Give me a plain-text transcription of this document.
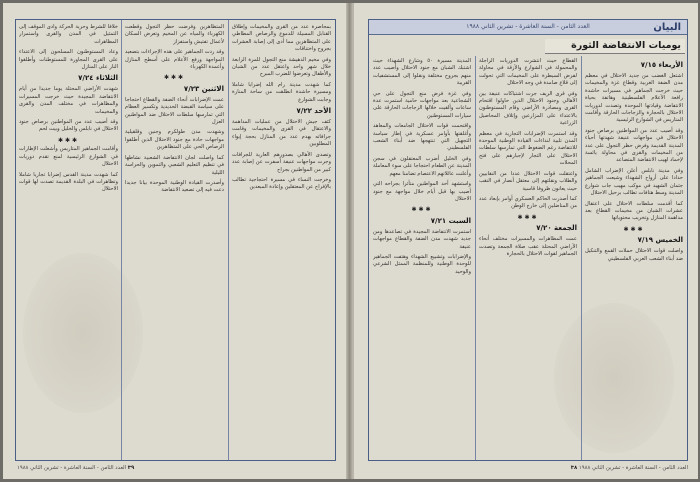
بمحاصرة عدد من القرى والمخيمات وإطلاق القنابل المسيلة للدموع والرصاص المطاطي على المتظاهرين مما أدى إلى إصابة العشرات بجروح واختناقات

وفي مخيم الدهيشة منع التجول للمرة الرابعة خلال شهر واحد واعتقل عدد من الشبان والأطفال وتعرضوا للضرب المبرح

كما شهدت مدينة رام الله إضرابا شاملا ومسيرة حاشدة انطلقت من ساحة المنارة وجابت الشوارع

الأحد ٧/٢٢

كثف جيش الاحتلال من عمليات المداهمة والاعتقال في القرى والمخيمات وقامت جرافاته بهدم عدد من المنازل بحجة إيواء المطلوبين

وتصدى الأهالي بصدورهم العارية للجرافات وجرت مواجهات عنيفة أسفرت عن إصابة عدد كبير من المواطنين بجراح

وخرجت النساء في مسيرة احتجاجية تطالب بالإفراج عن المعتقلين وإعادة المبعدين

المتظاهرين وفرضت حظر التجول وقطعت الكهرباء والمياه عن المخيم وتعرض السكان لأعمال تفتيش واستفزاز

وقد ردت الجماهير على هذه الإجراءات بتصعيد المواجهة ورفع الأعلام على أسطح المنازل وأعمدة الكهرباء

✱✱✱
الاثنين ٧/٢٣

عمت الإضرابات أنحاء الضفة والقطاع احتجاجا على سياسة القبضة الحديدية وتكسير العظام التي تمارسها سلطات الاحتلال ضد المواطنين العزل

وشهدت مدن طولكرم وجنين وقلقيلية مواجهات حادة مع جنود الاحتلال الذين أطلقوا الرصاص الحي على المتظاهرين

كما واصلت لجان الانتفاضة الشعبية نشاطها في تنظيم التعليم الشعبي والتموين والحراسة الليلية

وأصدرت القيادة الوطنية الموحدة بيانا جديدا دعت فيه إلى تصعيد الانتفاضة

خلافا للشرط وحرية الحركة وأدى الموقف إلى التمثيل في المدن والقرى واستمرار المظاهرات

وعاد المستوطنون المسلحون إلى الاعتداء على القرى المجاورة للمستوطنات وأطلقوا النار على المنازل

الثلاثاء ٧/٢٤

شهدت الأراضي المحتلة يوما جديدا من أيام الانتفاضة المجيدة حيث خرجت المسيرات والمظاهرات في مختلف المدن والقرى والمخيمات

وقد أصيب عدد من المواطنين برصاص جنود الاحتلال في نابلس والخليل وبيت لحم

✱✱✱

وأقامت الجماهير المتاريس وأشعلت الإطارات في الشوارع الرئيسية لمنع تقدم دوريات الاحتلال

كما شهدت مدينة القدس إضرابا تجاريا شاملا وتظاهرات في البلدة القديمة تصدت لها قوات الاحتلال

٣٩ العدد الثامن - السنة العاشرة - تشرين الثاني ١٩٨٨
البيان
العدد الثامن - السنة العاشرة - تشرين الثاني ١٩٨٨
يوميات الانتفاضة الثورة
الأربعاء ٧/١٥

اشتعل الغضب من جديد الاحتلال في معظم مدن الضفة الغربية وقطاع غزة والمخيمات حيث خرجت الجماهير في مسيرات حاشدة رافعة الأعلام الفلسطينية وهاتفة بحياة الانتفاضة وقيادتها الموحدة وتصدت لدوريات الاحتلال بالحجارة والزجاجات الحارقة وأقامت المتاريس في الشوارع الرئيسية

وقد أصيب عدد من المواطنين برصاص جنود الاحتلال في مواجهات عنيفة شهدتها أحياء المدينة القديمة وفرض حظر التجول على عدد من المخيمات والقرى في محاولة يائسة لإخماد لهيب الانتفاضة المتصاعد

وفي مدينة نابلس أعلن الإضراب الشامل حدادا على أرواح الشهداء وشيعت الجماهير جثمان الشهيد في موكب مهيب جاب شوارع المدينة وسط هتافات تطالب برحيل الاحتلال

كما أقدمت سلطات الاحتلال على اعتقال عشرات الشبان من مخيمات القطاع بعد مداهمة المنازل وتخريب محتوياتها

✱✱✱
الخميس ٧/١٩

واصلت قوات الاحتلال حملات القمع والتنكيل ضد أبناء الشعب العربي الفلسطيني

القطاع حيث انتشرت الدوريات الراجلة والمحمولة في الشوارع والأزقة في محاولة لفرض السيطرة على المخيمات التي تحولت إلى قلاع صامدة في وجه الاحتلال

وفي قرى الريف جرت اشتباكات عنيفة بين الأهالي وجنود الاحتلال الذين حاولوا اقتحام القرى ومصادرة الأراضي وقام المستوطنون بالاعتداء على المزارعين وإتلاف المحاصيل الزراعية

وقد استمرت الإضرابات التجارية في معظم المدن تلبية لنداءات القيادة الوطنية الموحدة للانتفاضة رغم الضغوط التي تمارسها سلطات الاحتلال على التجار لإجبارهم على فتح المحلات

واعتقلت قوات الاحتلال عددا من النقابيين والطلاب ونقلتهم إلى معتقل أنصار في النقب حيث يعانون ظروفا قاسية

كما أصدرت الحاكم العسكري أوامر بإبعاد عدد من المناضلين إلى خارج الوطن

✱✱✱
الجمعة ٧/٢٠

عمت المظاهرات والمسيرات مختلف أنحاء الأراضي المحتلة عقب صلاة الجمعة وتصدت الجماهير لقوات الاحتلال بالحجارة

المدينة مسيرة ٥٠ وشارع الشهداء حيث اشتبك الشبان مع جنود الاحتلال وأصيب عدد منهم بجروح مختلفة ونقلوا إلى المستشفيات القريبة

وفي غزة فرض منع التجول على حي الشجاعية بعد مواجهات حامية استمرت عدة ساعات وألقيت خلالها الزجاجات الحارقة على سيارات المستوطنين

واقتحمت قوات الاحتلال الجامعات والمعاهد وأغلقتها بأوامر عسكرية في إطار سياسة التجهيل التي تنتهجها ضد أبناء الشعب الفلسطيني

وفي الخليل أضرب المعتقلون في سجن المدينة عن الطعام احتجاجا على سوء المعاملة وأعلنت عائلاتهم الاعتصام تضامنا معهم

واستشهد أحد المواطنين متأثرا بجراحه التي أصيب بها قبل أيام خلال مواجهة مع جنود الاحتلال

✱✱✱
السبت ٧/٢١

استمرت الانتفاضة المجيدة في تصاعدها ومن جديد شهدت مدن الضفة والقطاع مواجهات عنيفة

والإضرابات وتشييع الشهداء وهتفت الجماهير للوحدة الوطنية وللمنظمة الممثل الشرعي والوحيد

العدد الثامن - السنة العاشرة - تشرين الثاني ١٩٨٨ ٣٨
